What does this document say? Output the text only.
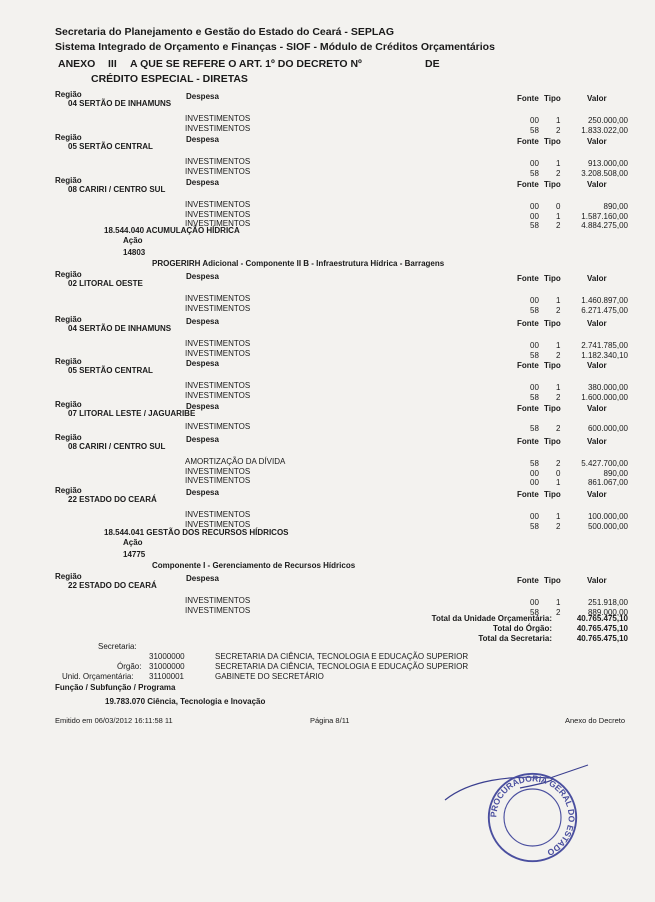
Secretaria do Planejamento e Gestão do Estado do Ceará - SEPLAG
Sistema Integrado de Orçamento e Finanças - SIOF - Módulo de Créditos Orçamentários
ANEXO III A QUE SE REFERE O ART. 1º DO DECRETO Nº	DE
CRÉDITO ESPECIAL - DIRETAS
Região	Despesa	Fonte Tipo	Valor
04 SERTÃO DE INHAMUNS
INVESTIMENTOS	00 1	250.000,00
INVESTIMENTOS	58 2	1.833.022,00
Região	Despesa	Fonte Tipo	Valor
05 SERTÃO CENTRAL
INVESTIMENTOS	00 1	913.000,00
INVESTIMENTOS	58 2	3.208.508,00
Região	Despesa	Fonte Tipo	Valor
08 CARIRI / CENTRO SUL
INVESTIMENTOS	00 0	890,00
INVESTIMENTOS	00 1	1.587.160,00
INVESTIMENTOS	58 2	4.884.275,00
Região	Despesa	Fonte Tipo	Valor
02 LITORAL OESTE
INVESTIMENTOS	00 1	1.460.897,00
INVESTIMENTOS	58 2	6.271.475,00
Região	Despesa	Fonte Tipo	Valor
04 SERTÃO DE INHAMUNS
INVESTIMENTOS	00 1	2.741.785,00
INVESTIMENTOS	58 2	1.182.340,10
Região	Despesa	Fonte Tipo	Valor
05 SERTÃO CENTRAL
INVESTIMENTOS	00 1	380.000,00
INVESTIMENTOS	58 2	1.600.000,00
Região	Despesa	Fonte Tipo	Valor
07 LITORAL LESTE / JAGUARIBE
INVESTIMENTOS	58 2	600.000,00
Região	Despesa	Fonte Tipo	Valor
08 CARIRI / CENTRO SUL
AMORTIZAÇÃO DA DÍVIDA	58 2	5.427.700,00
INVESTIMENTOS	00 0	890,00
INVESTIMENTOS	00 1	861.067,00
Região	Despesa	Fonte Tipo	Valor
22 ESTADO DO CEARÁ
INVESTIMENTOS	00 1	100.000,00
INVESTIMENTOS	58 2	500.000,00
Região	Despesa	Fonte Tipo	Valor
22 ESTADO DO CEARÁ
INVESTIMENTOS	00 1	251.918,00
INVESTIMENTOS	58 2	889.000,00
18.544.040 ACUMULAÇÃO HÍDRICA
Ação
14803
PROGERIRH Adicional - Componente II B - Infraestrutura Hídrica - Barragens
18.544.041 GESTÃO DOS RECURSOS HÍDRICOS
Ação
14775
Componente I - Gerenciamento de Recursos Hídricos
Total da Unidade Orçamentária:	40.765.475,10
Total do Órgão:	40.765.475,10
Total da Secretaria:	40.765.475,10
Secretaria:
31000000	SECRETARIA DA CIÊNCIA, TECNOLOGIA E EDUCAÇÃO SUPERIOR
Órgão: 31000000	SECRETARIA DA CIÊNCIA, TECNOLOGIA E EDUCAÇÃO SUPERIOR
Unid. Orçamentária: 31100001	GABINETE DO SECRETÁRIO
Função / Subfunção / Programa
19.783.070 Ciência, Tecnologia e Inovação
Emitido em 06/03/2012 16:11:58 11	Página 8/11	Anexo do Decreto
PROCURADORIA GERAL DO ESTADO
